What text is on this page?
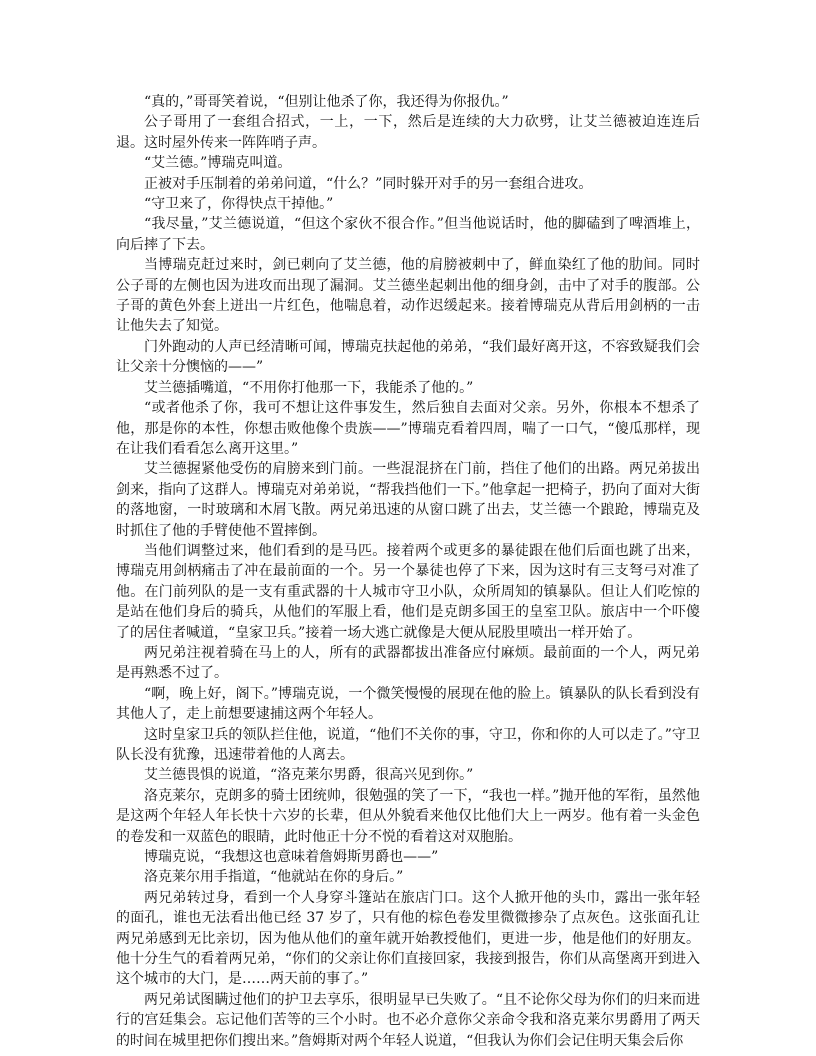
“真的，”哥哥笑着说，“但别让他杀了你，我还得为你报仇。”

公子哥用了一套组合招式，一上，一下，然后是连续的大力砍劈，让艾兰德被迫连连后退。这时屋外传来一阵阵哨子声。

“艾兰德。”博瑞克叫道。

正被对手压制着的弟弟问道，“什么？”同时躲开对手的另一套组合进攻。

“守卫来了，你得快点干掉他。”

“我尽量，”艾兰德说道，“但这个家伙不很合作。”但当他说话时，他的脚磕到了啤酒堆上，向后摔了下去。

当博瑞克赶过来时，剑已刺向了艾兰德，他的肩膀被刺中了，鲜血染红了他的肋间。同时公子哥的左侧也因为进攻而出现了漏洞。艾兰德坐起刺出他的细身剑，击中了对手的腹部。公子哥的黄色外套上迸出一片红色，他喘息着，动作迟缓起来。接着博瑞克从背后用剑柄的一击让他失去了知觉。

门外跑动的人声已经清晰可闻，博瑞克扶起他的弟弟，“我们最好离开这，不容致疑我们会让父亲十分懊恼的——”

艾兰德插嘴道，“不用你打他那一下，我能杀了他的。”

“或者他杀了你，我可不想让这件事发生，然后独自去面对父亲。另外，你根本不想杀了他，那是你的本性，你想击败他像个贵族——”博瑞克看着四周，喘了一口气，“傻瓜那样，现在让我们看看怎么离开这里。”

艾兰德握紧他受伤的肩膀来到门前。一些混混挤在门前，挡住了他们的出路。两兄弟拔出剑来，指向了这群人。博瑞克对弟弟说，“帮我挡他们一下。”他拿起一把椅子，扔向了面对大街的落地窗，一时玻璃和木屑飞散。两兄弟迅速的从窗口跳了出去，艾兰德一个踉跄，博瑞克及时抓住了他的手臂使他不置摔倒。

当他们调整过来，他们看到的是马匹。接着两个或更多的暴徒跟在他们后面也跳了出来，博瑞克用剑柄痛击了冲在最前面的一个。另一个暴徒也停了下来，因为这时有三支弩弓对准了他。在门前列队的是一支有重武器的十人城市守卫小队，众所周知的镇暴队。但让人们吃惊的是站在他们身后的骑兵，从他们的军服上看，他们是克朗多国王的皇室卫队。旅店中一个吓傻了的居住者喊道，“皇家卫兵。”接着一场大逃亡就像是大便从屁股里喷出一样开始了。

两兄弟注视着骑在马上的人，所有的武器都拔出准备应付麻烦。最前面的一个人，两兄弟是再熟悉不过了。

“啊，晚上好，阁下。”博瑞克说，一个微笑慢慢的展现在他的脸上。镇暴队的队长看到没有其他人了，走上前想要逮捕这两个年轻人。

这时皇家卫兵的领队拦住他，说道，“他们不关你的事，守卫，你和你的人可以走了。”守卫队长没有犹豫，迅速带着他的人离去。

艾兰德畏惧的说道，“洛克莱尔男爵，很高兴见到你。”

洛克莱尔，克朗多的骑士团统帅，很勉强的笑了一下，“我也一样。”抛开他的军衔，虽然他是这两个年轻人年长快十六岁的长辈，但从外貌看来他仅比他们大上一两岁。他有着一头金色的卷发和一双蓝色的眼睛，此时他正十分不悦的看着这对双胞胎。

博瑞克说，“我想这也意味着詹姆斯男爵也——”

洛克莱尔用手指道，“他就站在你的身后。”

两兄弟转过身，看到一个人身穿斗篷站在旅店门口。这个人掀开他的头巾，露出一张年轻的面孔，谁也无法看出他已经 37 岁了，只有他的棕色卷发里微微掺杂了点灰色。这张面孔让两兄弟感到无比亲切，因为他从他们的童年就开始教授他们，更进一步，他是他们的好朋友。他十分生气的看着两兄弟，“你们的父亲让你们直接回家，我接到报告，你们从高堡离开到进入这个城市的大门，是……两天前的事了。”

两兄弟试图瞒过他们的护卫去享乐，很明显早已失败了。“且不论你父母为你们的归来而进行的宫廷集会。忘记他们苦等的三个小时。也不必介意你父亲命令我和洛克莱尔男爵用了两天的时间在城里把你们搜出来。”詹姆斯对两个年轻人说道，“但我认为你们会记住明天集会后你
